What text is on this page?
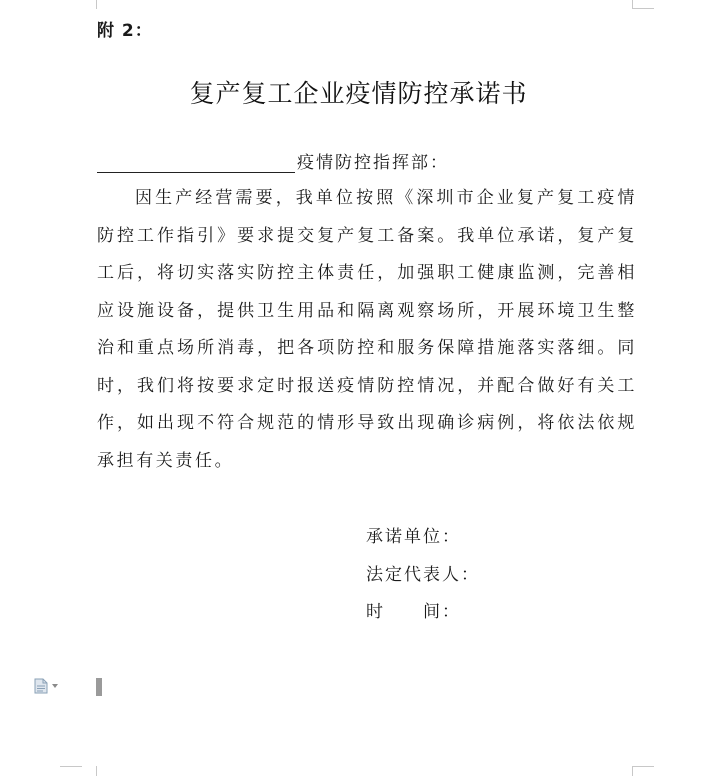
附 2：
复产复工企业疫情防控承诺书
疫情防控指挥部：

因生产经营需要，我单位按照《深圳市企业复产复工疫情防控工作指引》要求提交复产复工备案。我单位承诺，复产复工后，将切实落实防控主体责任，加强职工健康监测，完善相应设施设备，提供卫生用品和隔离观察场所，开展环境卫生整治和重点场所消毒，把各项防控和服务保障措施落实落细。同时，我们将按要求定时报送疫情防控情况，并配合做好有关工作，如出现不符合规范的情形导致出现确诊病例，将依法依规承担有关责任。

承诺单位：
法定代表人：
时　　间：
